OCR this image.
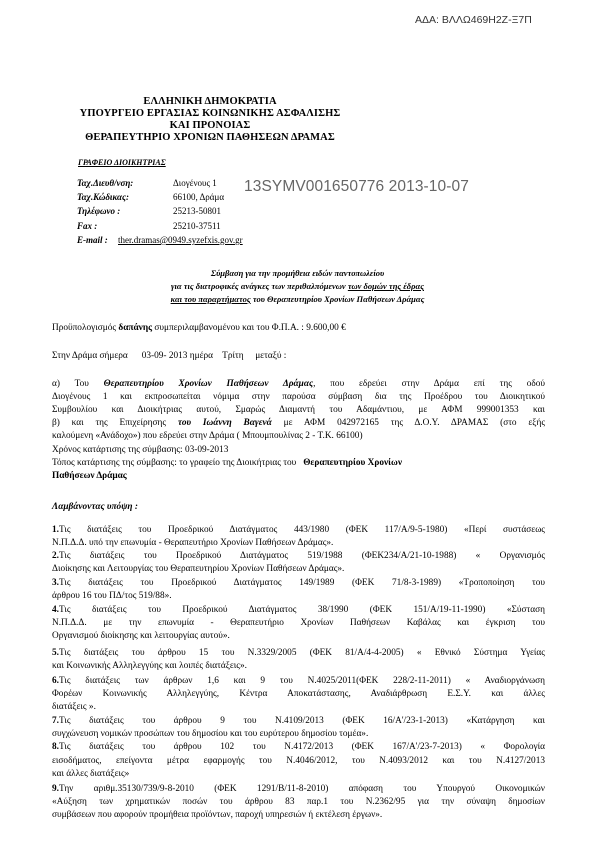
ΑΔΑ: ΒΛΛΩ469Η2Ζ-Ξ7Π
ΕΛΛΗΝΙΚΗ ΔΗΜΟΚΡΑΤΙΑ
ΥΠΟΥΡΓΕΙΟ ΕΡΓΑΣΙΑΣ ΚΟΙΝΩΝΙΚΗΣ ΑΣΦΑΛΙΣΗΣ
ΚΑΙ ΠΡΟΝΟΙΑΣ
ΘΕΡΑΠΕΥΤΗΡΙΟ ΧΡΟΝΙΩΝ ΠΑΘΗΣΕΩΝ ΔΡΑΜΑΣ
ΓΡΑΦΕΙΟ ΔΙΟΙΚΗΤΡΙΑΣ
Ταχ.Διευθ/νση:	Διογένους 1
Ταχ.Κώδικας:	66100, Δράμα
Τηλέφωνο :	25213-50801
Fax :	25210-37511
E-mail : ther.dramas@0949.syzefxis.gov.gr
13SYMV001650776 2013-10-07
Σύμβαση για την προμήθεια ειδών παντοπωλείου
για τις διατροφικές ανάγκες των περιθαλπόμενων των δομών της έδρας
και του παραρτήματος του Θεραπευτηρίου Χρονίων Παθήσεων Δράμας
Προϋπολογισμός δαπάνης συμπεριλαμβανομένου και του Φ.Π.Α. : 9.600,00 €
Στην Δράμα σήμερα      03-09- 2013 ημέρα    Τρίτη     μεταξύ :
α) Του Θεραπευτηρίου Χρονίων Παθήσεων Δράμας, που εδρεύει στην Δράμα επί της οδού
Διογένους 1 και εκπροσωπείται νόμιμα στην παρούσα σύμβαση δια της Προέδρου του Διοικητικού
Συμβουλίου και Διοικήτριας αυτού, Σμαρώς Διαμαντή του Αδαμάντιου, με ΑΦΜ 999001353 και
β) και της Επιχείρησης του Ιωάννη Βαγενά με ΑΦΜ 042972165 της Δ.Ο.Υ. ΔΡΑΜΑΣ (στο εξής
καλούμενη «Ανάδοχο») που εδρεύει στην Δράμα ( Μπουμπουλίνας 2 - Τ.Κ. 66100)
Χρόνος κατάρτισης της σύμβασης: 03-09-2013
Τόπος κατάρτισης της σύμβασης: το γραφείο της Διοικήτριας του   Θεραπευτηρίου Χρονίων
Παθήσεων Δράμας
Λαμβάνοντας υπόψη :
1.Τις διατάξεις του Προεδρικού Διατάγματος 443/1980 (ΦΕΚ 117/Α/9-5-1980) «Περί συστάσεως
Ν.Π.Δ.Δ. υπό την επωνυμία - Θεραπευτήριο Χρονίων Παθήσεων Δράμας».
2.Τις διατάξεις του Προεδρικού Διατάγματος 519/1988 (ΦΕΚ234/Α/21-10-1988) « Οργανισμός
Διοίκησης και Λειτουργίας του Θεραπευτηρίου Χρονίων Παθήσεων Δράμας».
3.Τις διατάξεις του Προεδρικού Διατάγματος 149/1989 (ΦΕΚ 71/8-3-1989) «Τροποποίηση του
άρθρου 16 του ΠΔ/τος 519/88».
4.Τις διατάξεις του Προεδρικού Διατάγματος 38/1990 (ΦΕΚ 151/Α/19-11-1990) «Σύσταση
Ν.Π.Δ.Δ. με την επωνυμία - Θεραπευτήριο Χρονίων Παθήσεων Καβάλας και έγκριση του
Οργανισμού διοίκησης και λειτουργίας αυτού».
5.Τις διατάξεις του άρθρου 15 του Ν.3329/2005 (ΦΕΚ 81/Α/4-4-2005) « Εθνικό Σύστημα Υγείας
και Κοινωνικής Αλληλεγγύης και λοιπές διατάξεις».
6.Τις διατάξεις των άρθρων 1,6 και 9 του Ν.4025/2011(ΦΕΚ 228/2-11-2011) « Αναδιοργάνωση
Φορέων Κοινωνικής Αλληλεγγύης, Κέντρα Αποκατάστασης, Αναδιάρθρωση Ε.Σ.Υ. και άλλες
διατάξεις ».
7.Τις διατάξεις του άρθρου 9 του Ν.4109/2013 (ΦΕΚ 16/Α'/23-1-2013) «Κατάργηση και
συγχώνευση νομικών προσώπων του δημοσίου και του ευρύτερου δημοσίου τομέα».
8.Τις διατάξεις του άρθρου 102 του Ν.4172/2013 (ΦΕΚ 167/Α'/23-7-2013) « Φορολογία
εισοδήματος, επείγοντα μέτρα εφαρμογής του Ν.4046/2012, του Ν.4093/2012 και του Ν.4127/2013
και άλλες διατάξεις»
9.Την αριθμ.35130/739/9-8-2010 (ΦΕΚ 1291/Β/11-8-2010) απόφαση του Υπουργού Οικονομικών
«Αύξηση των χρηματικών ποσών του άρθρου 83 παρ.1 του Ν.2362/95 για την σύναψη δημοσίων
συμβάσεων που αφορούν προμήθεια προϊόντων, παροχή υπηρεσιών ή εκτέλεση έργων».
